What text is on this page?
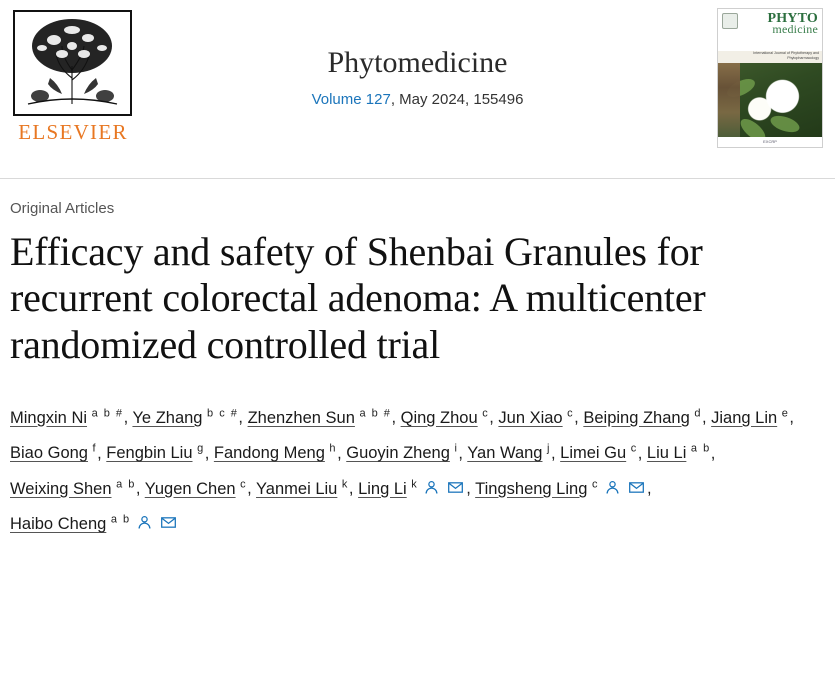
ELSEVIER
Phytomedicine
Volume 127, May 2024, 155496
PHYTO
medicine
International Journal of Phytotherapy and Phytopharmacology
EXCRP
Original Articles
Efficacy and safety of Shenbai Granules for recurrent colorectal adenoma: A multicenter randomized controlled trial
Mingxin Ni $^{a b \#}$, Ye Zhang $^{b c \#}$, Zhenzhen Sun $^{a b \#}$, Qing Zhou $^c$, Jun Xiao $^c$, Beiping Zhang $^d$, Jiang Lin $^e$, Biao Gong $^f$, Fengbin Liu $^g$, Fandong Meng $^h$, Guoyin Zheng $^i$, Yan Wang $^j$, Limei Gu $^c$, Liu Li $^{a b}$, Weixing Shen $^{a b}$, Yugen Chen $^c$, Yanmei Liu $^k$, Ling Li $^k$	, Tingsheng Ling $^c$	, Haibo Cheng $^{a b}$
